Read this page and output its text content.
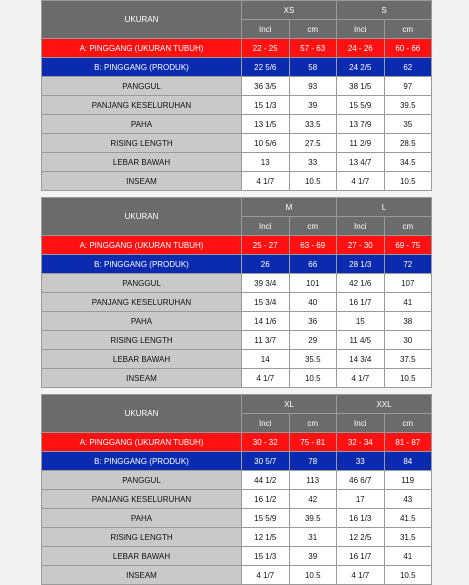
UKURAN	XS		S	
	Inci	cm	Inci	cm
A: PINGGANG (UKURAN TUBUH)	22 - 25	57 - 63	24 - 26	60 - 66
B: PINGGANG (PRODUK)	22 5/6	58	24 2/5	62
PANGGUL	36 3/5	93	38 1/5	97
PANJANG KESELURUHAN	15 1/3	39	15 5/9	39.5
PAHA	13 1/5	33.5	13 7/9	35
RISING LENGTH	10 5/6	27.5	11 2/9	28.5
LEBAR BAWAH	13	33	13 4/7	34.5
INSEAM	4 1/7	10.5	4 1/7	10.5
UKURAN	M		L	
	Inci	cm	Inci	cm
A: PINGGANG (UKURAN TUBUH)	25 - 27	63 - 69	27 - 30	69 - 75
B: PINGGANG (PRODUK)	26	66	28 1/3	72
PANGGUL	39 3/4	101	42 1/6	107
PANJANG KESELURUHAN	15 3/4	40	16 1/7	41
PAHA	14 1/6	36	15	38
RISING LENGTH	11 3/7	29	11 4/5	30
LEBAR BAWAH	14	35.5	14 3/4	37.5
INSEAM	4 1/7	10.5	4 1/7	10.5
UKURAN	XL		XXL	
	Inci	cm	Inci	cm
A: PINGGANG (UKURAN TUBUH)	30 - 32	75 - 81	32 - 34	81 - 87
B: PINGGANG (PRODUK)	30 5/7	78	33	84
PANGGUL	44 1/2	113	46 6/7	119
PANJANG KESELURUHAN	16 1/2	42	17	43
PAHA	15 5/9	39.5	16 1/3	41.5
RISING LENGTH	12 1/5	31	12 2/5	31.5
LEBAR BAWAH	15 1/3	39	16 1/7	41
INSEAM	4 1/7	10.5	4 1/7	10.5
